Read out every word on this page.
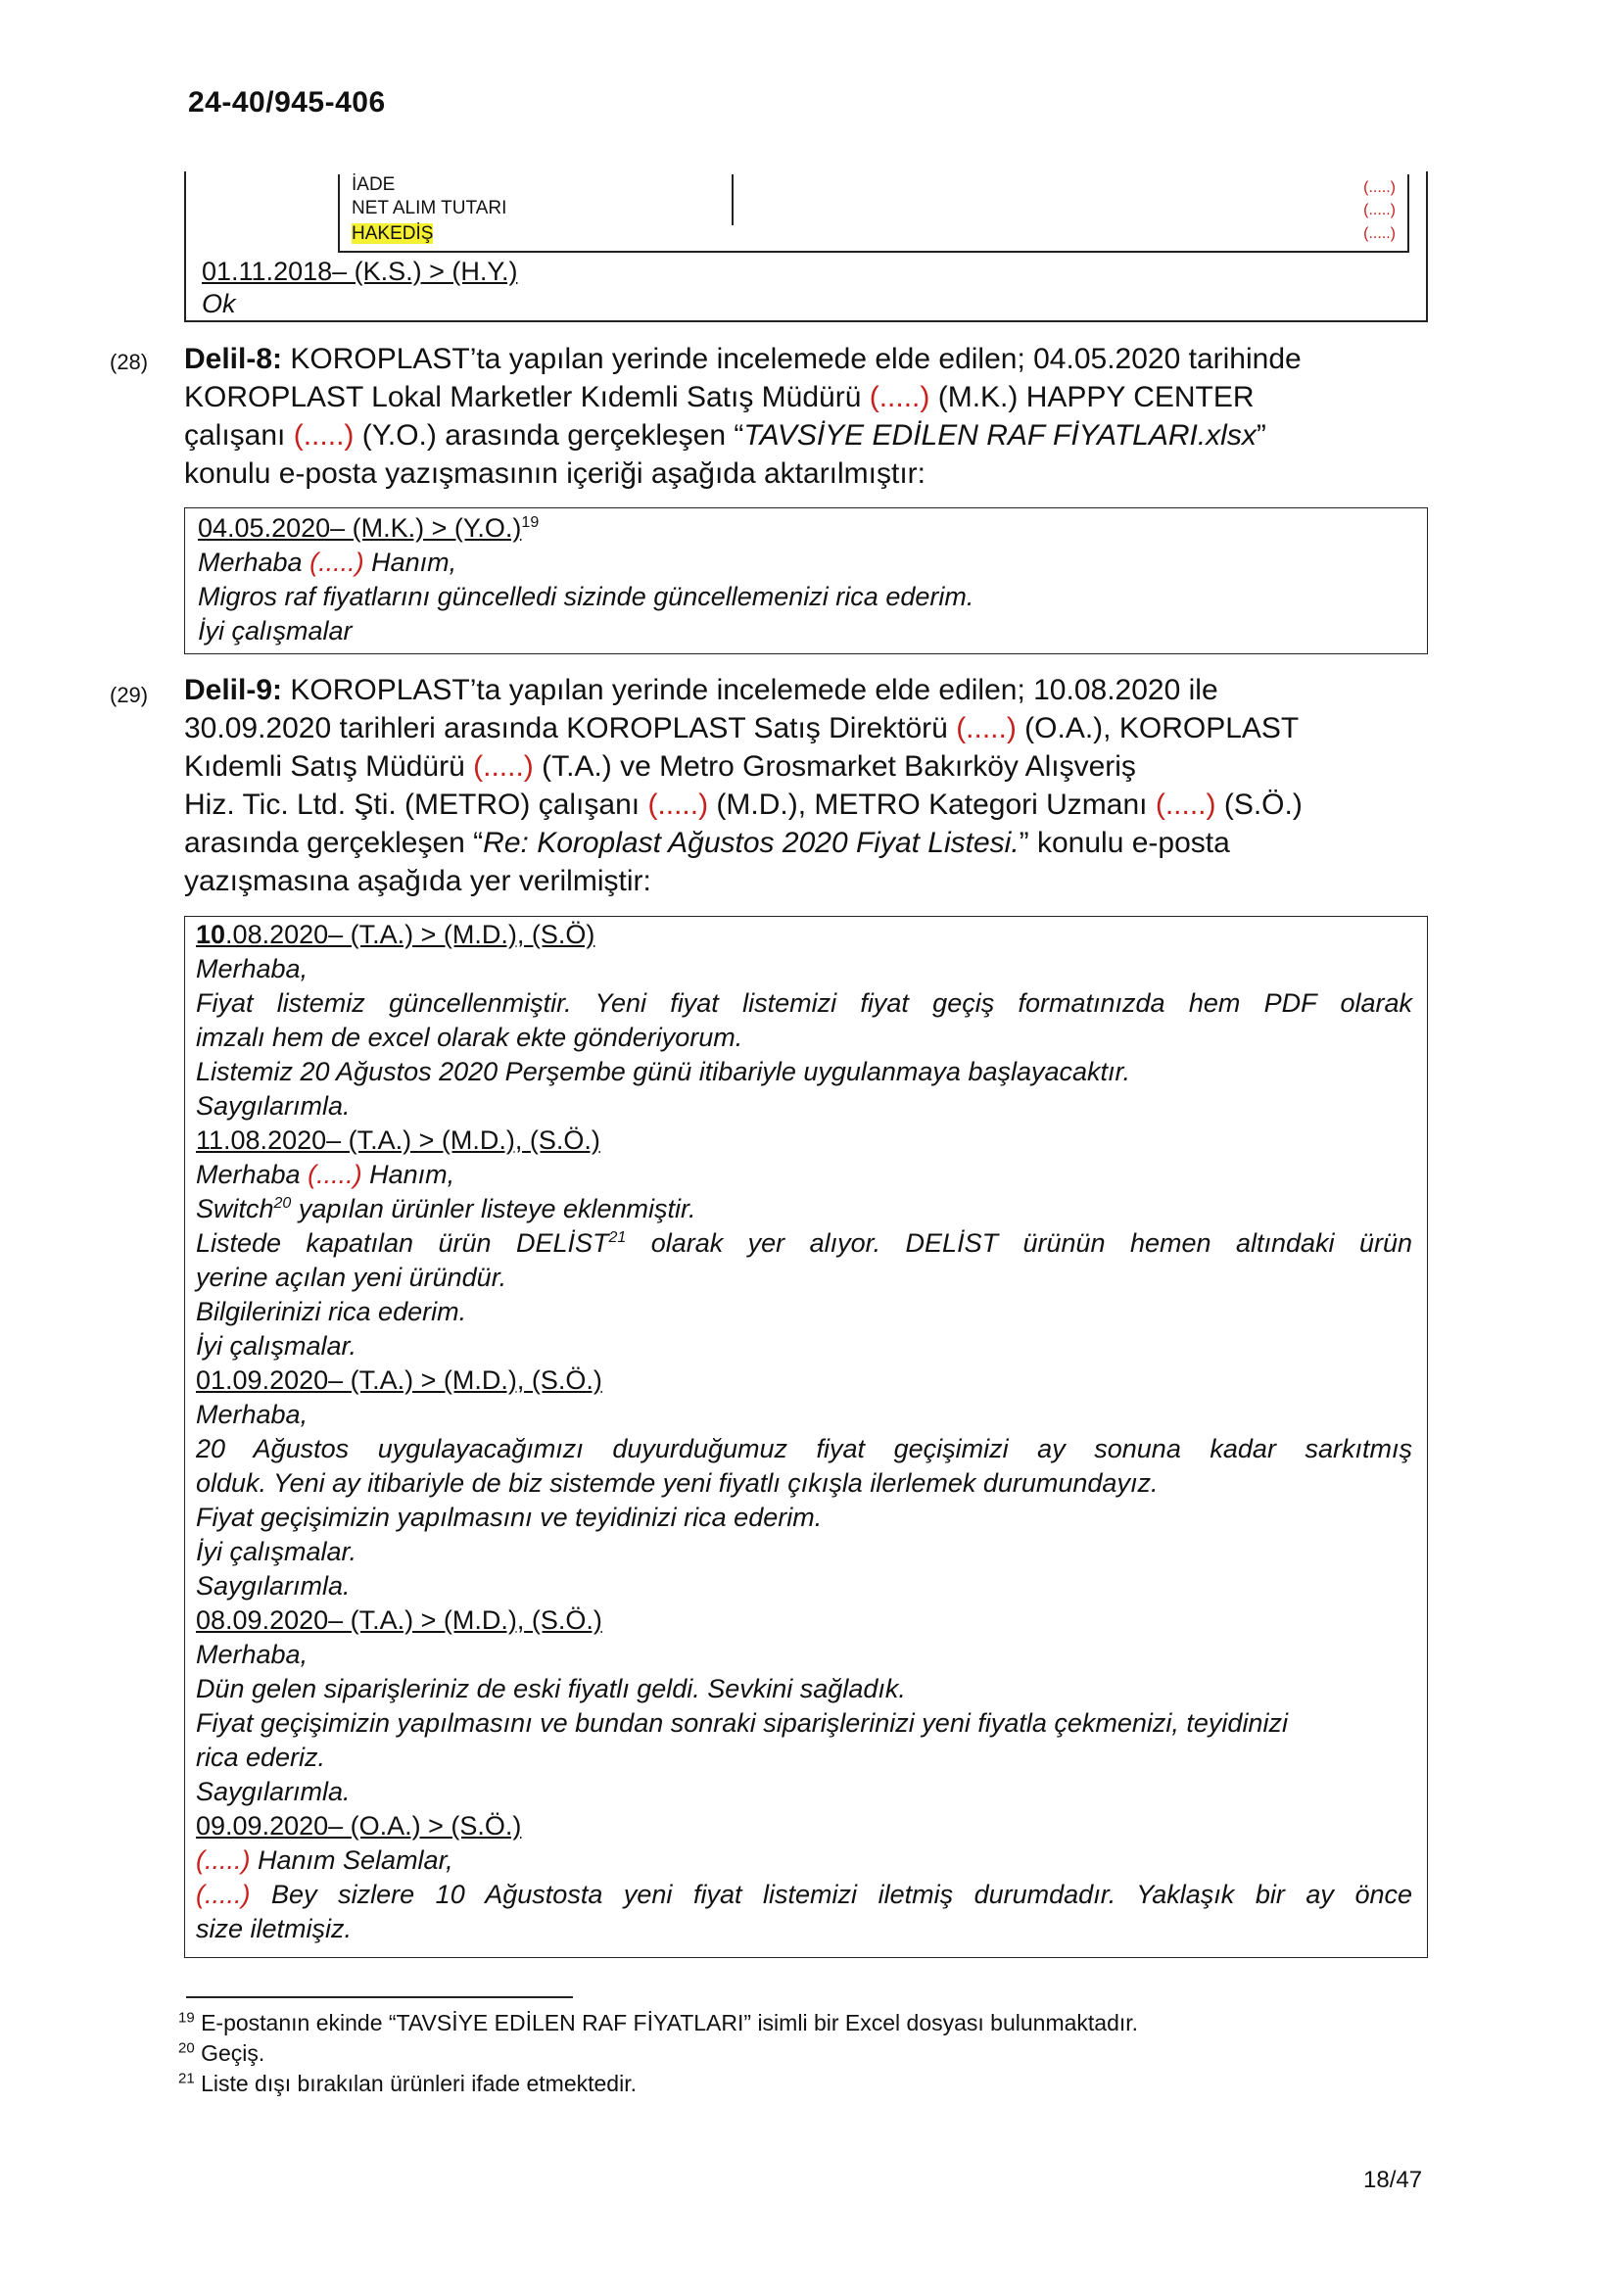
24-40/945-406
İADE
NET ALIM TUTARI
HAKEDİŞ
(.....)
(.....)
(.....)
01.11.2018– (K.S.) > (H.Y.)
Ok
(28) Delil-8: KOROPLAST’ta yapılan yerinde incelemede elde edilen; 04.05.2020 tarihinde
KOROPLAST Lokal Marketler Kıdemli Satış Müdürü (.....) (M.K.) HAPPY CENTER
çalışanı (.....) (Y.O.) arasında gerçekleşen “TAVSİYE EDİLEN RAF FİYATLARI.xlsx”
konulu e-posta yazışmasının içeriği aşağıda aktarılmıştır:
04.05.2020– $(M.K.) > (Y.O.)^{19}$
Merhaba (.....) Hanım,
Migros raf fiyatlarını güncelledi sizinde güncellemenizi rica ederim.
İyi çalışmalar
(29) Delil-9: KOROPLAST’ta yapılan yerinde incelemede elde edilen; 10.08.2020 ile
30.09.2020 tarihleri arasında KOROPLAST Satış Direktörü (.....) (O.A.), KOROPLAST
Kıdemli Satış Müdürü (.....) (T.A.) ve Metro Grosmarket Bakırköy Alışveriş
Hiz. Tic. Ltd. Şti. (METRO) çalışanı (.....) (M.D.), METRO Kategori Uzmanı (.....) (S.Ö.)
arasında gerçekleşen “Re: Koroplast Ağustos 2020 Fiyat Listesi.” konulu e-posta
yazışmasına aşağıda yer verilmiştir:
10.08.2020– (T.A.) > (M.D.), (S.Ö)
Merhaba,
Fiyat listemiz güncellenmiştir. Yeni fiyat listemizi fiyat geçiş formatınızda hem PDF olarak
imzalı hem de excel olarak ekte gönderiyorum.
Listemiz 20 Ağustos 2020 Perşembe günü itibariyle uygulanmaya başlayacaktır.
Saygılarımla.
11.08.2020– (T.A.) > (M.D.), (S.Ö.)
Merhaba (.....) Hanım,
Switch$^{20}$ yapılan ürünler listeye eklenmiştir.
Listede kapatılan ürün DELİST$^{21}$ olarak yer alıyor. DELİST ürünün hemen altındaki ürün
yerine açılan yeni üründür.
Bilgilerinizi rica ederim.
İyi çalışmalar.
01.09.2020– (T.A.) > (M.D.), (S.Ö.)
Merhaba,
20 Ağustos uygulayacağımızı duyurduğumuz fiyat geçişimizi ay sonuna kadar sarkıtmış
olduk. Yeni ay itibariyle de biz sistemde yeni fiyatlı çıkışla ilerlemek durumundayız.
Fiyat geçişimizin yapılmasını ve teyidinizi rica ederim.
İyi çalışmalar.
Saygılarımla.
08.09.2020– (T.A.) > (M.D.), (S.Ö.)
Merhaba,
Dün gelen siparişleriniz de eski fiyatlı geldi. Sevkini sağladık.
Fiyat geçişimizin yapılmasını ve bundan sonraki siparişlerinizi yeni fiyatla çekmenizi, teyidinizi
rica ederiz.
Saygılarımla.
09.09.2020– (O.A.) > (S.Ö.)
(.....) Hanım Selamlar,
(.....) Bey sizlere 10 Ağustosta yeni fiyat listemizi iletmiş durumdadır. Yaklaşık bir ay önce
size iletmişiz.
$^{19}$ E-postanın ekinde “TAVSİYE EDİLEN RAF FİYATLARI” isimli bir Excel dosyası bulunmaktadır.
$^{20}$ Geçiş.
$^{21}$ Liste dışı bırakılan ürünleri ifade etmektedir.
18/47
